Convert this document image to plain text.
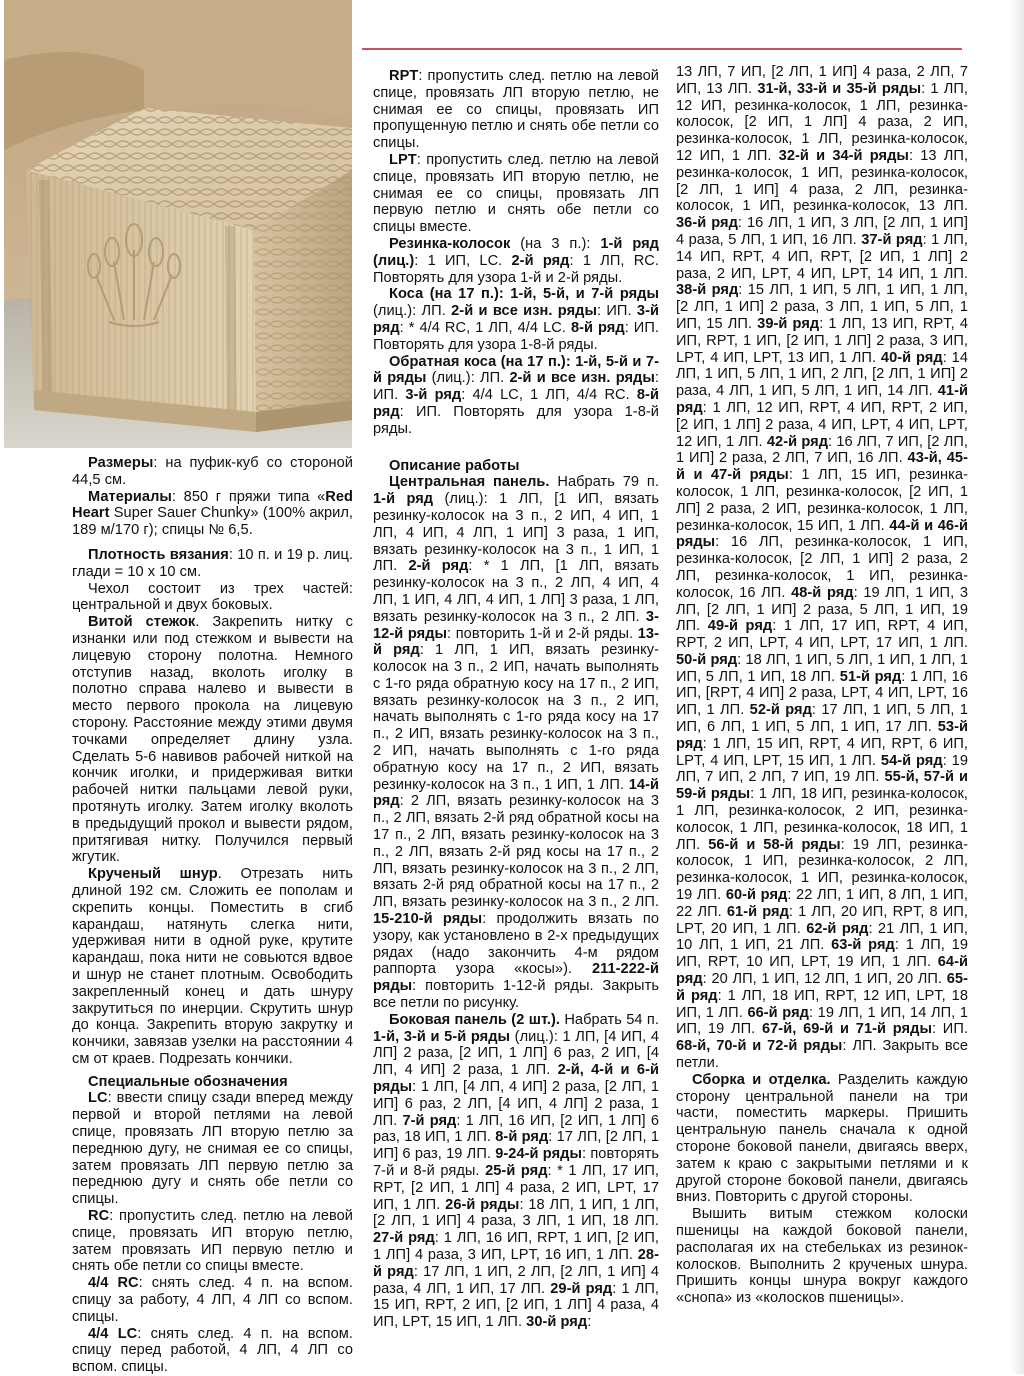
Размеры: на пуфик-куб со стороной 44,5 см.

Материалы: 850 г пряжи типа «Red Heart Super Sauer Chunky» (100% акрил, 189 м/170 г); спицы № 6,5.

Плотность вязания: 10 п. и 19 р. лиц. глади = 10 х 10 см.

Чехол состоит из трех частей: центральной и двух боковых.

Витой стежок. Закрепить нитку с изнанки или под стежком и вывести на лицевую сторону полотна. Немного отступив назад, вколоть иголку в полотно справа налево и вывести в место первого прокола на лицевую сторону. Расстояние между этими двумя точками определяет длину узла. Сделать 5-6 навивов рабочей ниткой на кончик иголки, и придерживая витки рабочей нитки пальцами левой руки, протянуть иголку. Затем иголку вколоть в предыдущий прокол и вывести рядом, притягивая нитку. Получился первый жгутик.

Крученый шнур. Отрезать нить длиной 192 см. Сложить ее пополам и скрепить концы. Поместить в сгиб карандаш, натянуть слегка нити, удерживая нити в одной руке, крутите карандаш, пока нити не совьются вдвое и шнур не станет плотным. Освободить закрепленный конец и дать шнуру закрутиться по инерции. Скрутить шнур до конца. Закрепить вторую закрутку и кончики, завязав узелки на расстоянии 4 см от краев. Подрезать кончики.

Специальные обозначения

LC: ввести спицу сзади вперед между первой и второй петлями на левой спице, провязать ЛП вторую петлю за переднюю дугу, не снимая ее со спицы, затем провязать ЛП первую петлю за переднюю дугу и снять обе петли со спицы.

RC: пропустить след. петлю на левой спице, провязать ИП вторую петлю, затем провязать ИП первую петлю и снять обе петли со спицы вместе.

4/4 RC: снять след. 4 п. на вспом. спицу за работу, 4 ЛП, 4 ЛП со вспом. спицы.

4/4 LC: снять след. 4 п. на вспом. спицу перед работой, 4 ЛП, 4 ЛП со вспом. спицы.

RPT: пропустить след. петлю на левой спице, провязать ЛП вторую петлю, не снимая ее со спицы, провязать ИП пропущенную петлю и снять обе петли со спицы.

LPT: пропустить след. петлю на левой спице, провязать ИП вторую петлю, не снимая ее со спицы, провязать ЛП первую петлю и снять обе петли со спицы вместе.

Резинка-колосок (на 3 п.): 1-й ряд (лиц.): 1 ИП, LC. 2-й ряд: 1 ЛП, RC. Повторять для узора 1-й и 2-й ряды.

Коса (на 17 п.): 1-й, 5-й, и 7-й ряды (лиц.): ЛП. 2-й и все изн. ряды: ИП. 3-й ряд: * 4/4 RC, 1 ЛП, 4/4 LC. 8-й ряд: ИП. Повторять для узора 1-8-й ряды.

Обратная коса (на 17 п.): 1-й, 5-й и 7-й ряды (лиц.): ЛП. 2-й и все изн. ряды: ИП. 3-й ряд: 4/4 LC, 1 ЛП, 4/4 RC. 8-й ряд: ИП. Повторять для узора 1-8-й ряды.

Описание работы

Центральная панель. Набрать 79 п. 1-й ряд (лиц.): 1 ЛП, [1 ИП, вязать резинку-колосок на 3 п., 2 ИП, 4 ИП, 1 ЛП, 4 ИП, 4 ЛП, 1 ИП] 3 раза, 1 ИП, вязать резинку-колосок на 3 п., 1 ИП, 1 ЛП. 2-й ряд: * 1 ЛП, [1 ЛП, вязать резинку-колосок на 3 п., 2 ЛП, 4 ИП, 4 ЛП, 1 ИП, 4 ЛП, 4 ИП, 1 ЛП] 3 раза, 1 ЛП, вязать резинку-колосок на 3 п., 2 ЛП. 3-12-й ряды: повторить 1-й и 2-й ряды. 13-й ряд: 1 ЛП, 1 ИП, вязать резинку-колосок на 3 п., 2 ИП, начать выполнять с 1-го ряда обратную косу на 17 п., 2 ИП, вязать резинку-колосок на 3 п., 2 ИП, начать выполнять с 1-го ряда косу на 17 п., 2 ИП, вязать резинку-колосок на 3 п., 2 ИП, начать выполнять с 1-го ряда обратную косу на 17 п., 2 ИП, вязать резинку-колосок на 3 п., 1 ИП, 1 ЛП. 14-й ряд: 2 ЛП, вязать резинку-колосок на 3 п., 2 ЛП, вязать 2-й ряд обратной косы на 17 п., 2 ЛП, вязать резинку-колосок на 3 п., 2 ЛП, вязать 2-й ряд косы на 17 п., 2 ЛП, вязать резинку-колосок на 3 п., 2 ЛП, вязать 2-й ряд обратной косы на 17 п., 2 ЛП, вязать резинку-колосок на 3 п., 2 ЛП. 15-210-й ряды: продолжить вязать по узору, как установлено в 2-х предыдущих рядах (надо закончить 4-м рядом раппорта узора «косы»). 211-222-й ряды: повторить 1-12-й ряды. Закрыть все петли по рисунку.

Боковая панель (2 шт.). Набрать 54 п. 1-й, 3-й и 5-й ряды (лиц.): 1 ЛП, [4 ИП, 4 ЛП] 2 раза, [2 ИП, 1 ЛП] 6 раз, 2 ИП, [4 ЛП, 4 ИП] 2 раза, 1 ЛП. 2-й, 4-й и 6-й ряды: 1 ЛП, [4 ЛП, 4 ИП] 2 раза, [2 ЛП, 1 ИП] 6 раз, 2 ЛП, [4 ИП, 4 ЛП] 2 раза, 1 ЛП. 7-й ряд: 1 ЛП, 16 ИП, [2 ИП, 1 ЛП] 6 раз, 18 ИП, 1 ЛП. 8-й ряд: 17 ЛП, [2 ЛП, 1 ИП] 6 раз, 19 ЛП. 9-24-й ряды: повторять 7-й и 8-й ряды. 25-й ряд: * 1 ЛП, 17 ИП, RPT, [2 ИП, 1 ЛП] 4 раза, 2 ИП, LPT, 17 ИП, 1 ЛП. 26-й ряды: 18 ЛП, 1 ИП, 1 ЛП, [2 ЛП, 1 ИП] 4 раза, 3 ЛП, 1 ИП, 18 ЛП. 27-й ряд: 1 ЛП, 16 ИП, RPT, 1 ИП, [2 ИП, 1 ЛП] 4 раза, 3 ИП, LPT, 16 ИП, 1 ЛП. 28-й ряд: 17 ЛП, 1 ИП, 2 ЛП, [2 ЛП, 1 ИП] 4 раза, 4 ЛП, 1 ИП, 17 ЛП. 29-й ряд: 1 ЛП, 15 ИП, RPT, 2 ИП, [2 ИП, 1 ЛП] 4 раза, 4 ИП, LPT, 15 ИП, 1 ЛП. 30-й ряд:

13 ЛП, 7 ИП, [2 ЛП, 1 ИП] 4 раза, 2 ЛП, 7 ИП, 13 ЛП. 31-й, 33-й и 35-й ряды: 1 ЛП, 12 ИП, резинка-колосок, 1 ЛП, резинка-колосок, [2 ИП, 1 ЛП] 4 раза, 2 ИП, резинка-колосок, 1 ЛП, резинка-колосок, 12 ИП, 1 ЛП. 32-й и 34-й ряды: 13 ЛП, резинка-колосок, 1 ИП, резинка-колосок, [2 ЛП, 1 ИП] 4 раза, 2 ЛП, резинка-колосок, 1 ИП, резинка-колосок, 13 ЛП. 36-й ряд: 16 ЛП, 1 ИП, 3 ЛП, [2 ЛП, 1 ИП] 4 раза, 5 ЛП, 1 ИП, 16 ЛП. 37-й ряд: 1 ЛП, 14 ИП, RPT, 4 ИП, RPT, [2 ИП, 1 ЛП] 2 раза, 2 ИП, LPT, 4 ИП, LPT, 14 ИП, 1 ЛП. 38-й ряд: 15 ЛП, 1 ИП, 5 ЛП, 1 ИП, 1 ЛП, [2 ЛП, 1 ИП] 2 раза, 3 ЛП, 1 ИП, 5 ЛП, 1 ИП, 15 ЛП. 39-й ряд: 1 ЛП, 13 ИП, RPT, 4 ИП, RPT, 1 ИП, [2 ИП, 1 ЛП] 2 раза, 3 ИП, LPT, 4 ИП, LPT, 13 ИП, 1 ЛП. 40-й ряд: 14 ЛП, 1 ИП, 5 ЛП, 1 ИП, 2 ЛП, [2 ЛП, 1 ИП] 2 раза, 4 ЛП, 1 ИП, 5 ЛП, 1 ИП, 14 ЛП. 41-й ряд: 1 ЛП, 12 ИП, RPT, 4 ИП, RPT, 2 ИП, [2 ИП, 1 ЛП] 2 раза, 4 ИП, LPT, 4 ИП, LPT, 12 ИП, 1 ЛП. 42-й ряд: 16 ЛП, 7 ИП, [2 ЛП, 1 ИП] 2 раза, 2 ЛП, 7 ИП, 16 ЛП. 43-й, 45-й и 47-й ряды: 1 ЛП, 15 ИП, резинка-колосок, 1 ЛП, резинка-колосок, [2 ИП, 1 ЛП] 2 раза, 2 ИП, резинка-колосок, 1 ЛП, резинка-колосок, 15 ИП, 1 ЛП. 44-й и 46-й ряды: 16 ЛП, резинка-колосок, 1 ИП, резинка-колосок, [2 ЛП, 1 ИП] 2 раза, 2 ЛП, резинка-колосок, 1 ИП, резинка-колосок, 16 ЛП. 48-й ряд: 19 ЛП, 1 ИП, 3 ЛП, [2 ЛП, 1 ИП] 2 раза, 5 ЛП, 1 ИП, 19 ЛП. 49-й ряд: 1 ЛП, 17 ИП, RPT, 4 ИП, RPT, 2 ИП, LPT, 4 ИП, LPT, 17 ИП, 1 ЛП. 50-й ряд: 18 ЛП, 1 ИП, 5 ЛП, 1 ИП, 1 ЛП, 1 ИП, 5 ЛП, 1 ИП, 18 ЛП. 51-й ряд: 1 ЛП, 16 ИП, [RPT, 4 ИП] 2 раза, LPT, 4 ИП, LPT, 16 ИП, 1 ЛП. 52-й ряд: 17 ЛП, 1 ИП, 5 ЛП, 1 ИП, 6 ЛП, 1 ИП, 5 ЛП, 1 ИП, 17 ЛП. 53-й ряд: 1 ЛП, 15 ИП, RPT, 4 ИП, RPT, 6 ИП, LPT, 4 ИП, LPT, 15 ИП, 1 ЛП. 54-й ряд: 19 ЛП, 7 ИП, 2 ЛП, 7 ИП, 19 ЛП. 55-й, 57-й и 59-й ряды: 1 ЛП, 18 ИП, резинка-колосок, 1 ЛП, резинка-колосок, 2 ИП, резинка-колосок, 1 ЛП, резинка-колосок, 18 ИП, 1 ЛП. 56-й и 58-й ряды: 19 ЛП, резинка-колосок, 1 ИП, резинка-колосок, 2 ЛП, резинка-колосок, 1 ИП, резинка-колосок, 19 ЛП. 60-й ряд: 22 ЛП, 1 ИП, 8 ЛП, 1 ИП, 22 ЛП. 61-й ряд: 1 ЛП, 20 ИП, RPT, 8 ИП, LPT, 20 ИП, 1 ЛП. 62-й ряд: 21 ЛП, 1 ИП, 10 ЛП, 1 ИП, 21 ЛП. 63-й ряд: 1 ЛП, 19 ИП, RPT, 10 ИП, LPT, 19 ИП, 1 ЛП. 64-й ряд: 20 ЛП, 1 ИП, 12 ЛП, 1 ИП, 20 ЛП. 65-й ряд: 1 ЛП, 18 ИП, RPT, 12 ИП, LPT, 18 ИП, 1 ЛП. 66-й ряд: 19 ЛП, 1 ИП, 14 ЛП, 1 ИП, 19 ЛП. 67-й, 69-й и 71-й ряды: ИП. 68-й, 70-й и 72-й ряды: ЛП. Закрыть все петли.

Сборка и отделка. Разделить каждую сторону центральной панели на три части, поместить маркеры. Пришить центральную панель сначала к одной стороне боковой панели, двигаясь вверх, затем к краю с закрытыми петлями и к другой стороне боковой панели, двигаясь вниз. Повторить с другой стороны.

Вышить витым стежком колоски пшеницы на каждой боковой панели, располагая их на стебельках из резинок-колосков. Выполнить 2 крученых шнура. Пришить концы шнура вокруг каждого «снопа» из «колосков пшеницы».
